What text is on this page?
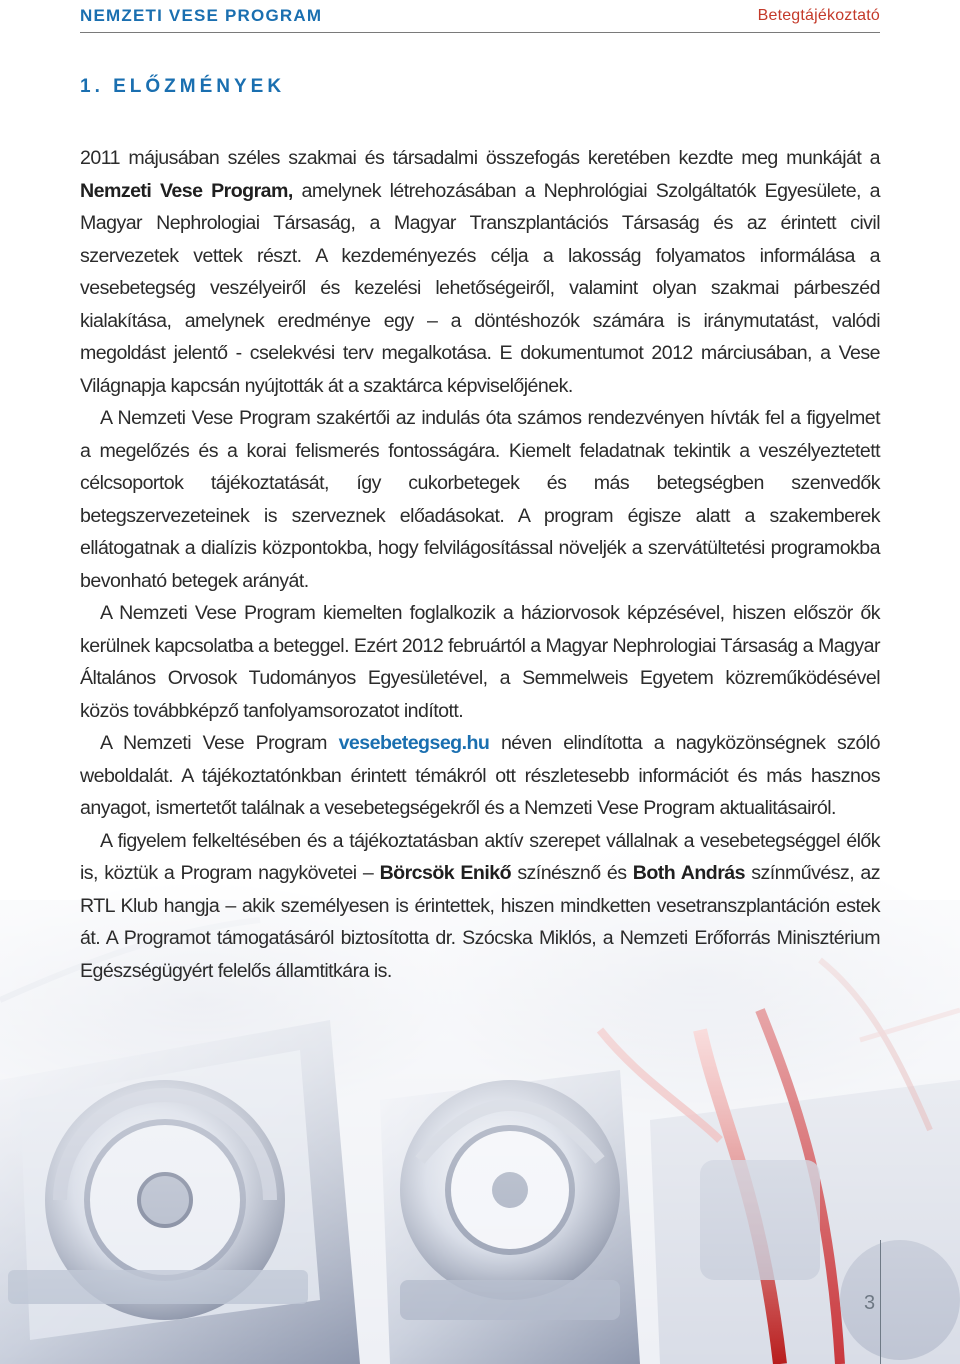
NEMZETI VESE PROGRAM	Betegtájékoztató
1. ELŐZMÉNYEK

2011 májusában széles szakmai és társadalmi összefogás keretében kezdte meg munkáját a Nemzeti Vese Program, amelynek létrehozásában a Nephrológiai Szolgáltatók Egyesülete, a Magyar Nephrologiai Társaság, a Magyar Transzplantációs Társaság és az érintett civil szervezetek vettek részt. A kezdeményezés célja a lakosság folyamatos informálása a vesebetegség veszélyeiről és kezelési lehetőségeiről, valamint olyan szakmai párbeszéd kialakítása, amelynek eredménye egy – a döntéshozók számára is iránymutatást, valódi megoldást jelentő - cselekvési terv megalkotása. E dokumentumot 2012 márciusában, a Vese Világnapja kapcsán nyújtották át a szaktárca képviselőjének.

A Nemzeti Vese Program szakértői az indulás óta számos rendezvényen hívták fel a figyelmet a megelőzés és a korai felismerés fontosságára. Kiemelt feladatnak tekintik a veszélyeztetett célcsoportok tájékoztatását, így cukorbetegek és más betegségben szenvedők betegszervezeteinek is szerveznek előadásokat. A program égisze alatt a szakemberek ellátogatnak a dialízis központokba, hogy felvilágosítással növeljék a szervátültetési programokba bevonható betegek arányát.

A Nemzeti Vese Program kiemelten foglalkozik a háziorvosok képzésével, hiszen először ők kerülnek kapcsolatba a beteggel. Ezért 2012 februártól a Magyar Nephrologiai Társaság a Magyar Általános Orvosok Tudományos Egyesületével, a Semmelweis Egyetem közreműködésével közös továbbképző tanfolyamsorozatot indított.

A Nemzeti Vese Program vesebetegseg.hu néven elindította a nagyközönségnek szóló weboldalát. A tájékoztatónkban érintett témákról ott részletesebb információt és más hasznos anyagot, ismertetőt találnak a vesebetegségekről és a Nemzeti Vese Program aktualitásairól.

A figyelem felkeltésében és a tájékoztatásban aktív szerepet vállalnak a vesebetegséggel élők is, köztük a Program nagykövetei – Börcsök Enikő színésznő és Both András színművész, az RTL Klub hangja – akik személyesen is érintettek, hiszen mindketten vesetranszplantáción estek át. A Programot támogatásáról biztosította dr. Szócska Miklós, a Nemzeti Erőforrás Minisztérium Egészségügyért felelős államtitkára is.

3
